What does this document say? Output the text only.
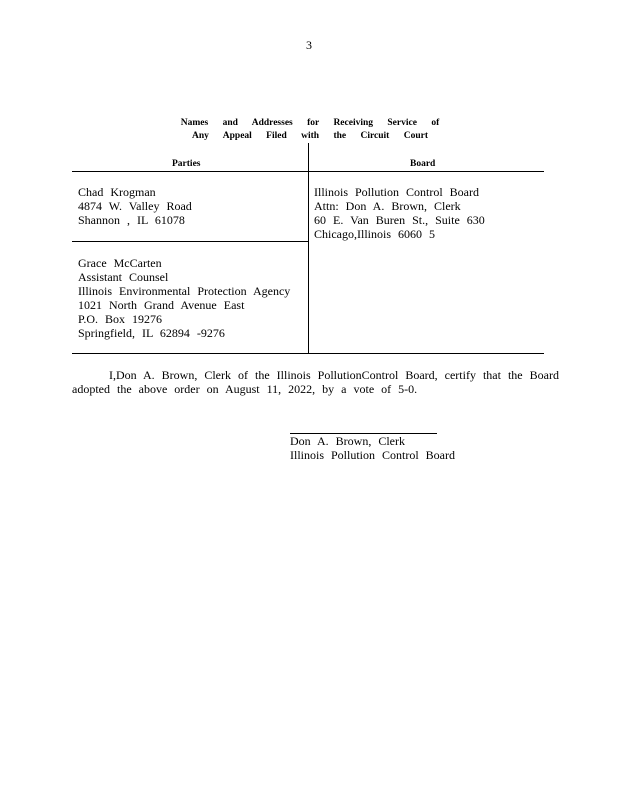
3
Names and Addresses for Receiving Service of
Any Appeal Filed with the Circuit Court
Parties	Board
Chad Krogman
4874 W. Valley Road
Shannon , IL 61078
Illinois Pollution Control Board
Attn: Don A. Brown, Clerk
60 E. Van Buren St., Suite 630
Chicago,Illinois 6060 5
Grace McCarten
Assistant Counsel
Illinois Environmental Protection Agency
1021 North Grand Avenue East
P.O. Box 19276
Springfield, IL 62894 -9276
I,Don A. Brown, Clerk of the Illinois PollutionControl Board, certify that the Board
adopted the above order on August 11, 2022, by a vote of 5-0.
Don A. Brown, Clerk
Illinois Pollution Control Board
